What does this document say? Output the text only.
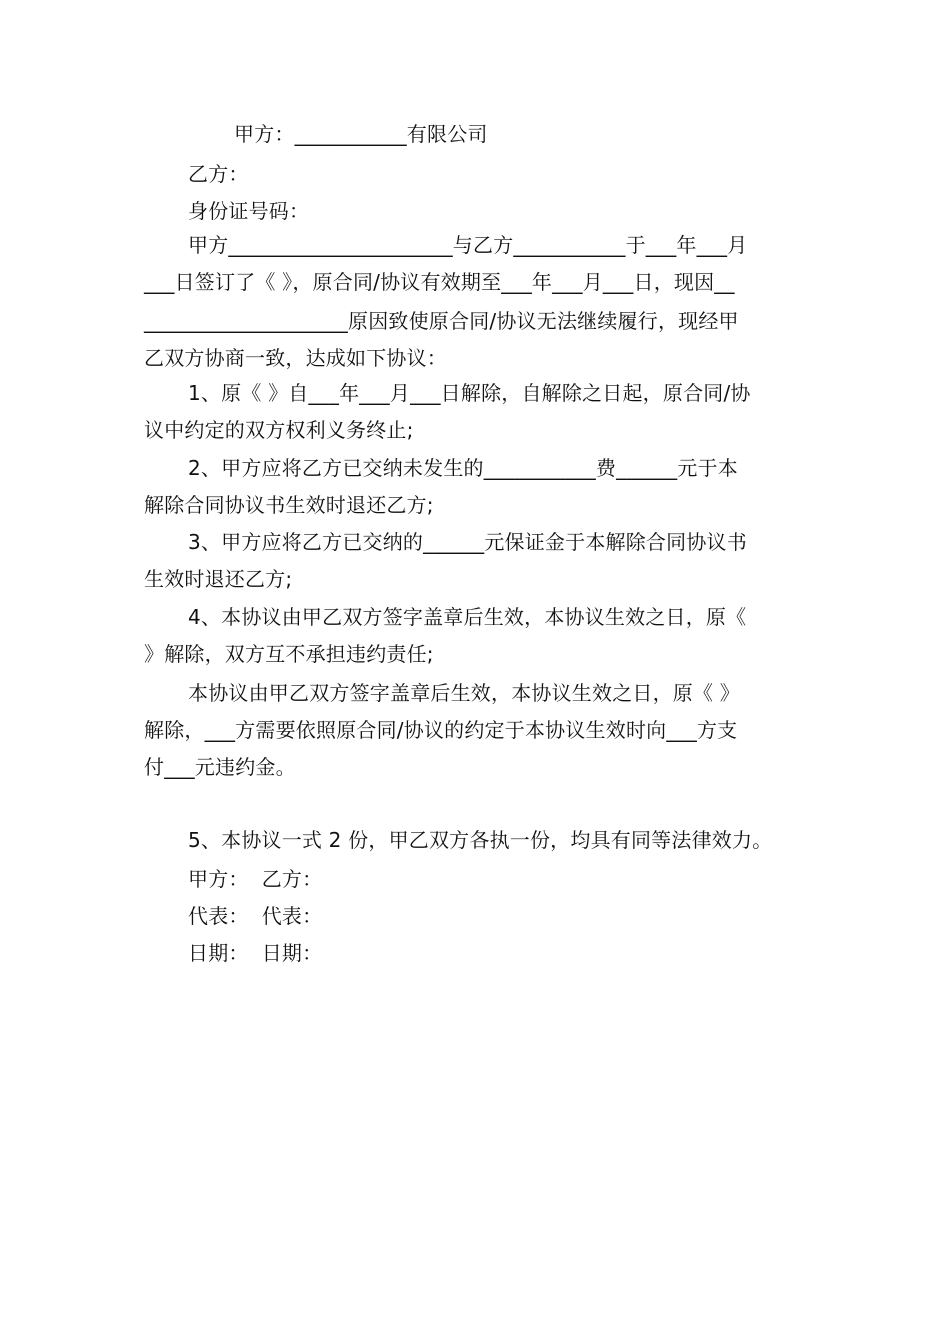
甲方：___________有限公司
乙方：
身份证号码：
甲方______________________与乙方___________于___年___月
___日签订了《 》，原合同/协议有效期至___年___月___日，现因__
____________________原因致使原合同/协议无法继续履行，现经甲
乙双方协商一致，达成如下协议：
1、原《 》自___年___月___日解除，自解除之日起，原合同/协
议中约定的双方权利义务终止;
2、甲方应将乙方已交纳未发生的___________费______元于本
解除合同协议书生效时退还乙方;
3、甲方应将乙方已交纳的______元保证金于本解除合同协议书
生效时退还乙方;
4、本协议由甲乙双方签字盖章后生效，本协议生效之日，原《
》解除，双方互不承担违约责任;
本协议由甲乙双方签字盖章后生效，本协议生效之日，原《 》
解除，___方需要依照原合同/协议的约定于本协议生效时向___方支
付___元违约金。
5、本协议一式 2 份，甲乙双方各执一份，均具有同等法律效力。
甲方：  乙方：
代表：  代表：
日期：  日期：
